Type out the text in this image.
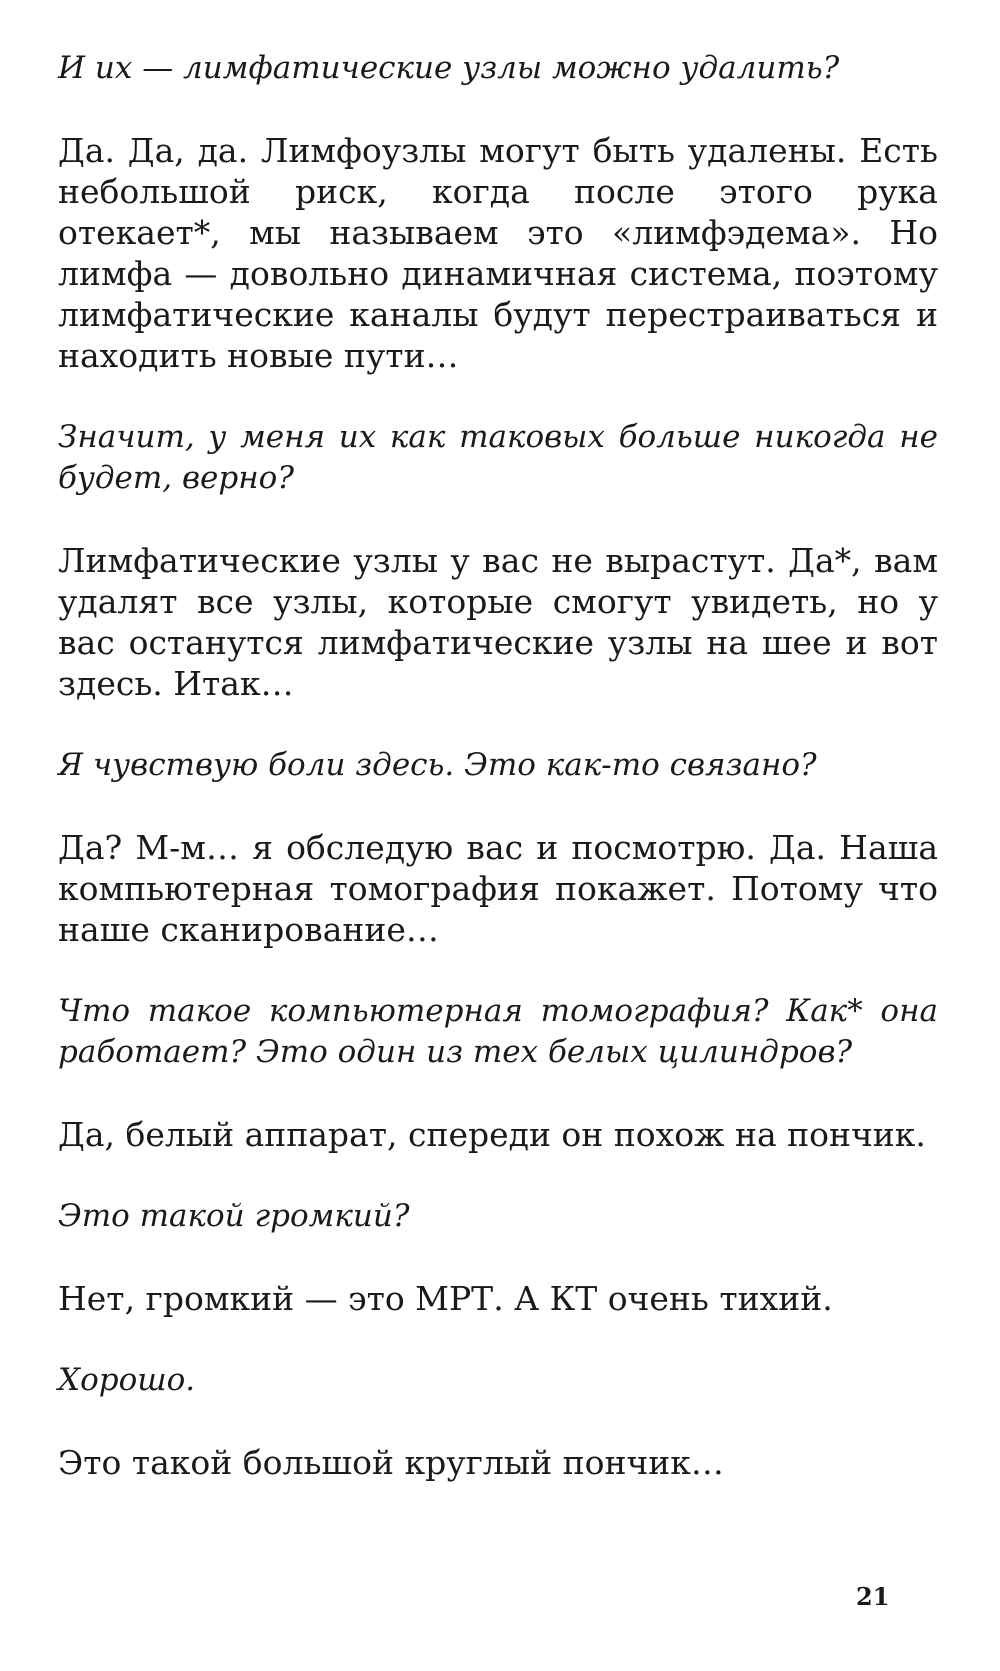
И их — лимфатические узлы можно удалить?

Да. Да, да. Лимфоузлы могут быть удалены. Есть небольшой риск, когда после этого рука отекает*, мы называем это «лимфэдема». Но лимфа — довольно динамичная система, поэтому лимфатические каналы будут перестраиваться и находить новые пути…

Значит, у меня их как таковых больше никогда не будет, верно?

Лимфатические узлы у вас не вырастут. Да*, вам удалят все узлы, которые смогут увидеть, но у вас останутся лимфатические узлы на шее и вот здесь. Итак…

Я чувствую боли здесь. Это как-то связано?

Да? М-м… я обследую вас и посмотрю. Да. Наша компьютерная томография покажет. Потому что наше сканирование…

Что такое компьютерная томография? Как* она работает? Это один из тех белых цилиндров?

Да, белый аппарат, спереди он похож на пончик.

Это такой громкий?

Нет, громкий — это МРТ. А КТ очень тихий.

Хорошо.

Это такой большой круглый пончик…

21
